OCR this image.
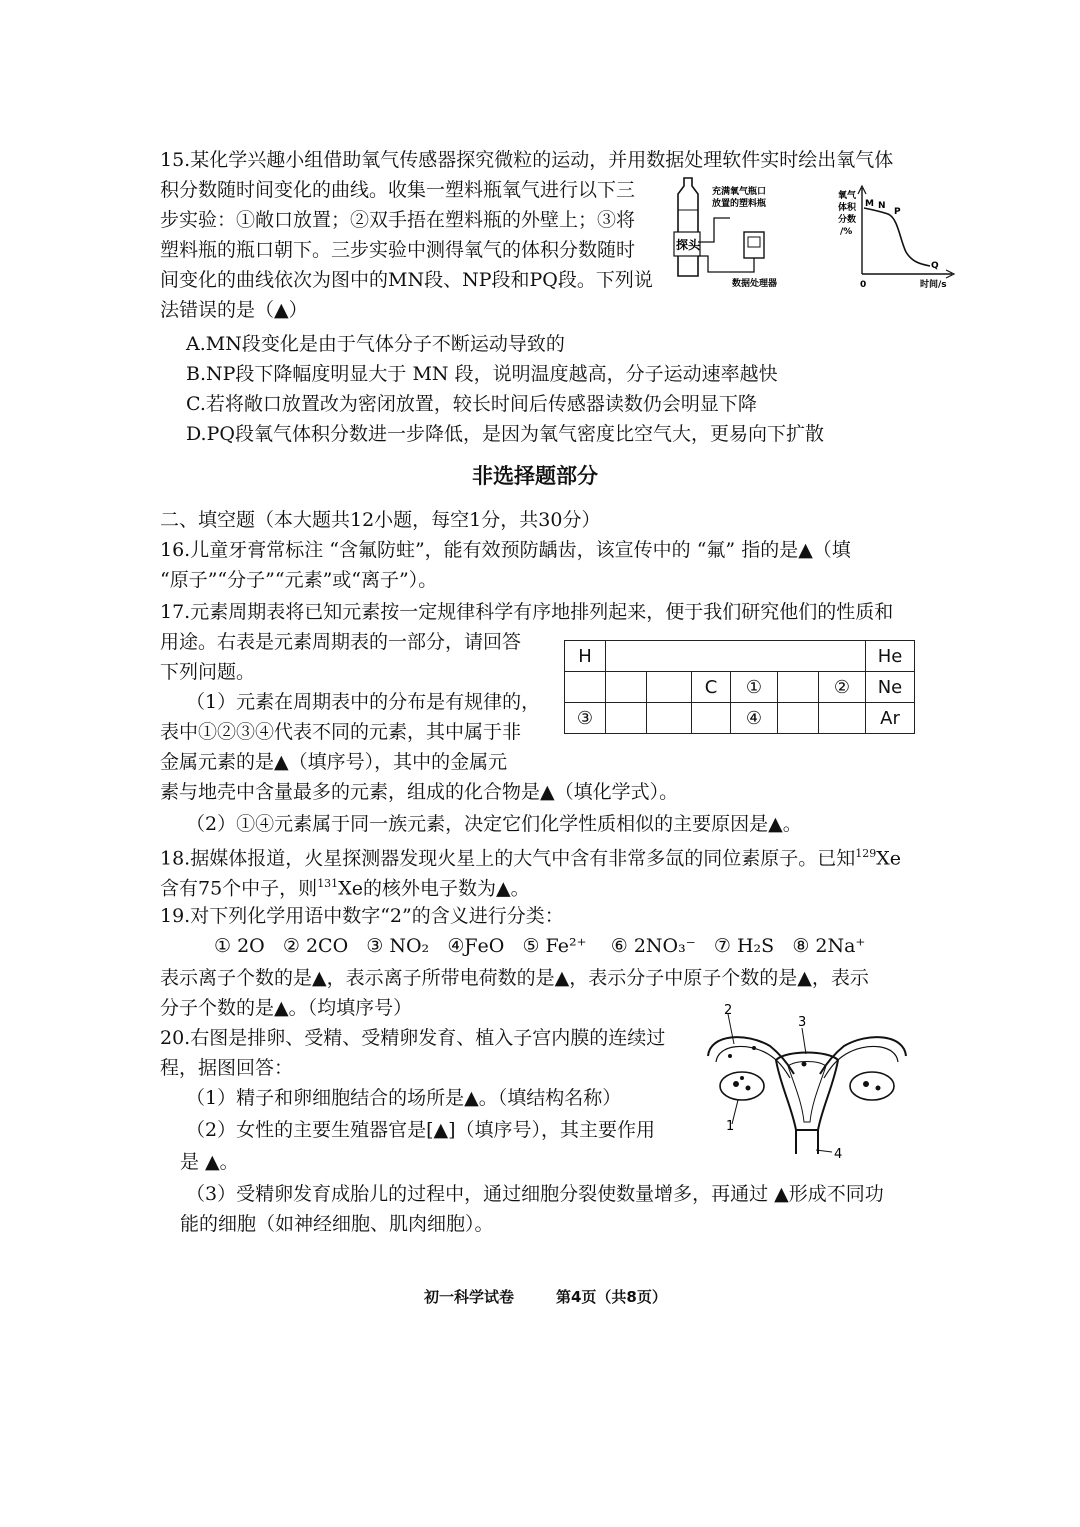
15.某化学兴趣小组借助氧气传感器探究微粒的运动，并用数据处理软件实时绘出氧气体
积分数随时间变化的曲线。收集一塑料瓶氧气进行以下三
步实验：①敞口放置；②双手捂在塑料瓶的外壁上；③将
塑料瓶的瓶口朝下。三步实验中测得氧气的体积分数随时
间变化的曲线依次为图中的MN段、NP段和PQ段。下列说
法错误的是（▲）
探头
充满氧气瓶口
放置的塑料瓶
数据处理器
氧气
体积
分数
/%
M N
P
Q
0	时间/s
A.MN段变化是由于气体分子不断运动导致的
B.NP段下降幅度明显大于 MN 段，说明温度越高，分子运动速率越快
C.若将敞口放置改为密闭放置，较长时间后传感器读数仍会明显下降
D.PQ段氧气体积分数进一步降低，是因为氧气密度比空气大，更易向下扩散
非选择题部分
二、填空题（本大题共12小题，每空1分，共30分）
16.儿童牙膏常标注 “含氟防蛀”，能有效预防龋齿，该宣传中的 “氟” 指的是▲（填
“原子”“分子”“元素”或“离子”）。
17.元素周期表将已知元素按一定规律科学有序地排列起来，便于我们研究他们的性质和
用途。右表是元素周期表的一部分，请回答
下列问题。
（1）元素在周期表中的分布是有规律的，
表中①②③④代表不同的元素，其中属于非
金属元素的是▲（填序号），其中的金属元
素与地壳中含量最多的元素，组成的化合物是▲（填化学式）。
（2）①④元素属于同一族元素，决定它们化学性质相似的主要原因是▲。
H							He
			C	①		②	Ne
③				④			Ar
18.据媒体报道，火星探测器发现火星上的大气中含有非常多氙的同位素原子。已知$^{129}$Xe
含有75个中子，则$^{131}$Xe的核外电子数为▲。
19.对下列化学用语中数字“2”的含义进行分类：
① 2O ② 2CO ③ NO₂ ④ƑeO ⑤ Fe²⁺ ⑥ 2NO₃⁻ ⑦ H₂S ⑧ 2Na⁺
表示离子个数的是▲，表示离子所带电荷数的是▲，表示分子中原子个数的是▲，表示
分子个数的是▲。（均填序号）
20.右图是排卵、受精、受精卵发育、植入子宫内膜的连续过
程，据图回答：
（1）精子和卵细胞结合的场所是▲。（填结构名称）
（2）女性的主要生殖器官是[▲]（填序号），其主要作用
是 ▲。
（3）受精卵发育成胎儿的过程中，通过细胞分裂使数量增多，再通过 ▲形成不同功
能的细胞（如神经细胞、肌肉细胞）。
2
3
1
4
初一科学试卷	第4页（共8页）
